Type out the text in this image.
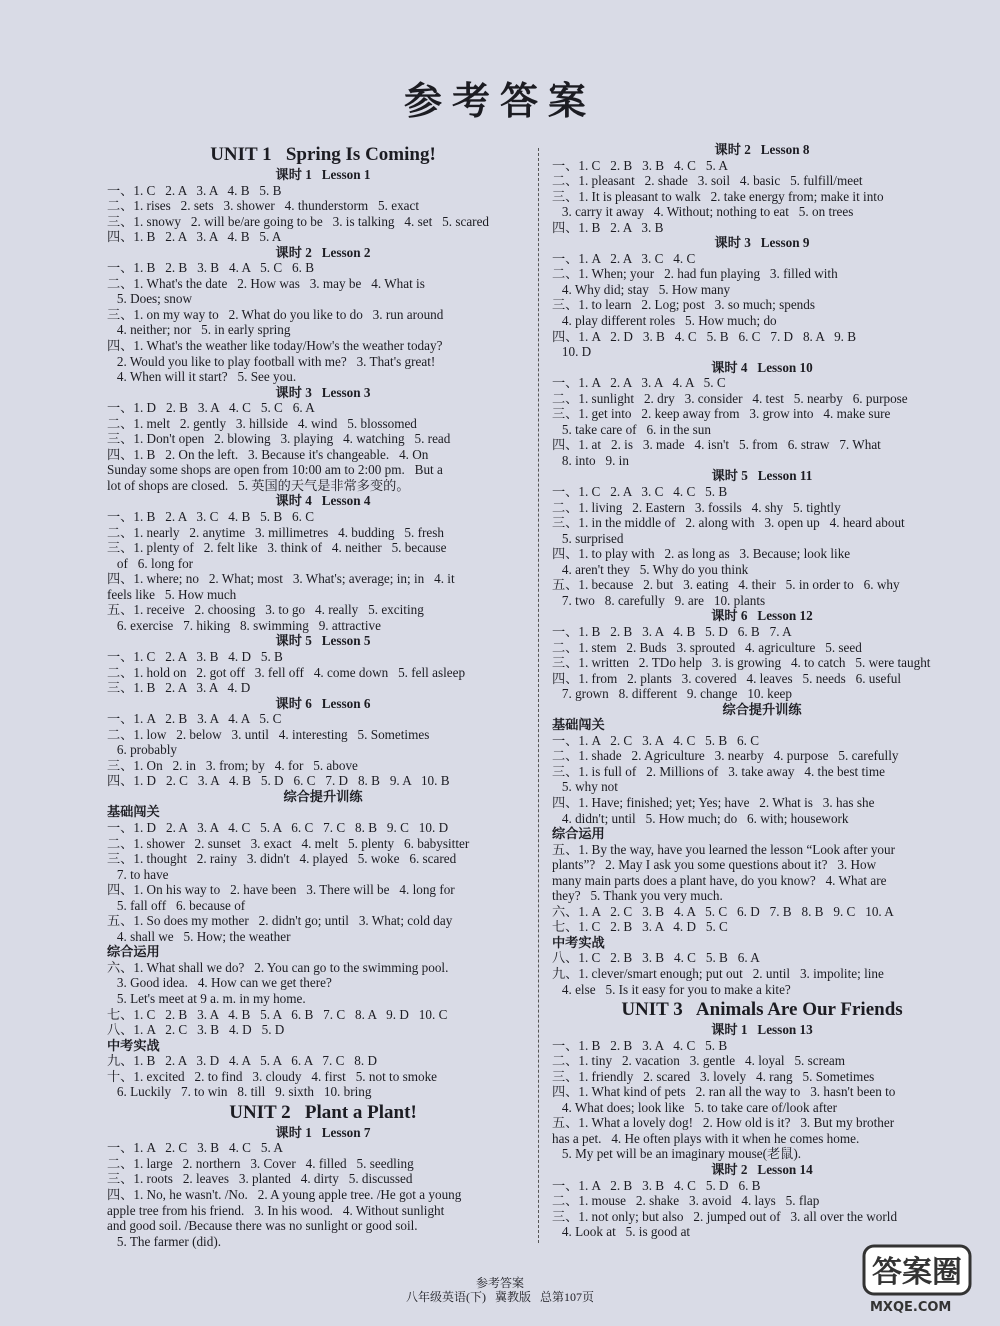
参考答案
UNIT 1   Spring Is Coming!
课时 1   Lesson 1
一、1. C   2. A   3. A   4. B   5. B
二、1. rises   2. sets   3. shower   4. thunderstorm   5. exact
三、1. snowy   2. will be/are going to be   3. is talking   4. set   5. scared
四、1. B   2. A   3. A   4. B   5. A
课时 2   Lesson 2
一、1. B   2. B   3. B   4. A   5. C   6. B
二、1. What's the date   2. How was   3. may be   4. What is
5. Does; snow
三、1. on my way to   2. What do you like to do   3. run around
4. neither; nor   5. in early spring
四、1. What's the weather like today/How's the weather today?
2. Would you like to play football with me?   3. That's great!
4. When will it start?   5. See you.
课时 3   Lesson 3
一、1. D   2. B   3. A   4. C   5. C   6. A
二、1. melt   2. gently   3. hillside   4. wind   5. blossomed
三、1. Don't open   2. blowing   3. playing   4. watching   5. read
四、1. B   2. On the left.   3. Because it's changeable.   4. On
Sunday some shops are open from 10:00 am to 2:00 pm.   But a
lot of shops are closed.   5. 英国的天气是非常多变的。
课时 4   Lesson 4
一、1. B   2. A   3. C   4. B   5. B   6. C
二、1. nearly   2. anytime   3. millimetres   4. budding   5. fresh
三、1. plenty of   2. felt like   3. think of   4. neither   5. because
of   6. long for
四、1. where; no   2. What; most   3. What's; average; in; in   4. it
feels like   5. How much
五、1. receive   2. choosing   3. to go   4. really   5. exciting
6. exercise   7. hiking   8. swimming   9. attractive
课时 5   Lesson 5
一、1. C   2. A   3. B   4. D   5. B
二、1. hold on   2. got off   3. fell off   4. come down   5. fell asleep
三、1. B   2. A   3. A   4. D
课时 6   Lesson 6
一、1. A   2. B   3. A   4. A   5. C
二、1. low   2. below   3. until   4. interesting   5. Sometimes
6. probably
三、1. On   2. in   3. from; by   4. for   5. above
四、1. D   2. C   3. A   4. B   5. D   6. C   7. D   8. B   9. A   10. B
综合提升训练
基础闯关
一、1. D   2. A   3. A   4. C   5. A   6. C   7. C   8. B   9. C   10. D
二、1. shower   2. sunset   3. exact   4. melt   5. plenty   6. babysitter
三、1. thought   2. rainy   3. didn't   4. played   5. woke   6. scared
7. to have
四、1. On his way to   2. have been   3. There will be   4. long for
5. fall off   6. because of
五、1. So does my mother   2. didn't go; until   3. What; cold day
4. shall we   5. How; the weather
综合运用
六、1. What shall we do?   2. You can go to the swimming pool.
3. Good idea.   4. How can we get there?
5. Let's meet at 9 a. m. in my home.
七、1. C   2. B   3. A   4. B   5. A   6. B   7. C   8. A   9. D   10. C
八、1. A   2. C   3. B   4. D   5. D
中考实战
九、1. B   2. A   3. D   4. A   5. A   6. A   7. C   8. D
十、1. excited   2. to find   3. cloudy   4. first   5. not to smoke
6. Luckily   7. to win   8. till   9. sixth   10. bring
UNIT 2   Plant a Plant!
课时 1   Lesson 7
一、1. A   2. C   3. B   4. C   5. A
二、1. large   2. northern   3. Cover   4. filled   5. seedling
三、1. roots   2. leaves   3. planted   4. dirty   5. discussed
四、1. No, he wasn't. /No.   2. A young apple tree. /He got a young
apple tree from his friend.   3. In his wood.   4. Without sunlight
and good soil. /Because there was no sunlight or good soil.
5. The farmer (did).
课时 2   Lesson 8
一、1. C   2. B   3. B   4. C   5. A
二、1. pleasant   2. shade   3. soil   4. basic   5. fulfill/meet
三、1. It is pleasant to walk   2. take energy from; make it into
3. carry it away   4. Without; nothing to eat   5. on trees
四、1. B   2. A   3. B
课时 3   Lesson 9
一、1. A   2. A   3. C   4. C
二、1. When; your   2. had fun playing   3. filled with
4. Why did; stay   5. How many
三、1. to learn   2. Log; post   3. so much; spends
4. play different roles   5. How much; do
四、1. A   2. D   3. B   4. C   5. B   6. C   7. D   8. A   9. B
10. D
课时 4   Lesson 10
一、1. A   2. A   3. A   4. A   5. C
二、1. sunlight   2. dry   3. consider   4. test   5. nearby   6. purpose
三、1. get into   2. keep away from   3. grow into   4. make sure
5. take care of   6. in the sun
四、1. at   2. is   3. made   4. isn't   5. from   6. straw   7. What
8. into   9. in
课时 5   Lesson 11
一、1. C   2. A   3. C   4. C   5. B
二、1. living   2. Eastern   3. fossils   4. shy   5. tightly
三、1. in the middle of   2. along with   3. open up   4. heard about
5. surprised
四、1. to play with   2. as long as   3. Because; look like
4. aren't they   5. Why do you think
五、1. because   2. but   3. eating   4. their   5. in order to   6. why
7. two   8. carefully   9. are   10. plants
课时 6   Lesson 12
一、1. B   2. B   3. A   4. B   5. D   6. B   7. A
二、1. stem   2. Buds   3. sprouted   4. agriculture   5. seed
三、1. written   2. TDo help   3. is growing   4. to catch   5. were taught
四、1. from   2. plants   3. covered   4. leaves   5. needs   6. useful
7. grown   8. different   9. change   10. keep
综合提升训练
基础闯关
一、1. A   2. C   3. A   4. C   5. B   6. C
二、1. shade   2. Agriculture   3. nearby   4. purpose   5. carefully
三、1. is full of   2. Millions of   3. take away   4. the best time
5. why not
四、1. Have; finished; yet; Yes; have   2. What is   3. has she
4. didn't; until   5. How much; do   6. with; housework
综合运用
五、1. By the way, have you learned the lesson “Look after your
plants”?   2. May I ask you some questions about it?   3. How
many main parts does a plant have, do you know?   4. What are
they?   5. Thank you very much.
六、1. A   2. C   3. B   4. A   5. C   6. D   7. B   8. B   9. C   10. A
七、1. C   2. B   3. A   4. D   5. C
中考实战
八、1. C   2. B   3. B   4. C   5. B   6. A
九、1. clever/smart enough; put out   2. until   3. impolite; line
4. else   5. Is it easy for you to make a kite?
UNIT 3   Animals Are Our Friends
课时 1   Lesson 13
一、1. B   2. B   3. A   4. C   5. B
二、1. tiny   2. vacation   3. gentle   4. loyal   5. scream
三、1. friendly   2. scared   3. lovely   4. rang   5. Sometimes
四、1. What kind of pets   2. ran all the way to   3. hasn't been to
4. What does; look like   5. to take care of/look after
五、1. What a lovely dog!   2. How old is it?   3. But my brother
has a pet.   4. He often plays with it when he comes home.
5. My pet will be an imaginary mouse(老鼠).
课时 2   Lesson 14
一、1. A   2. B   3. B   4. C   5. D   6. B
二、1. mouse   2. shake   3. avoid   4. lays   5. flap
三、1. not only; but also   2. jumped out of   3. all over the world
4. Look at   5. is good at
参考答案
八年级英语(下)   冀教版   总第107页
答案圈
MXQE.COM
